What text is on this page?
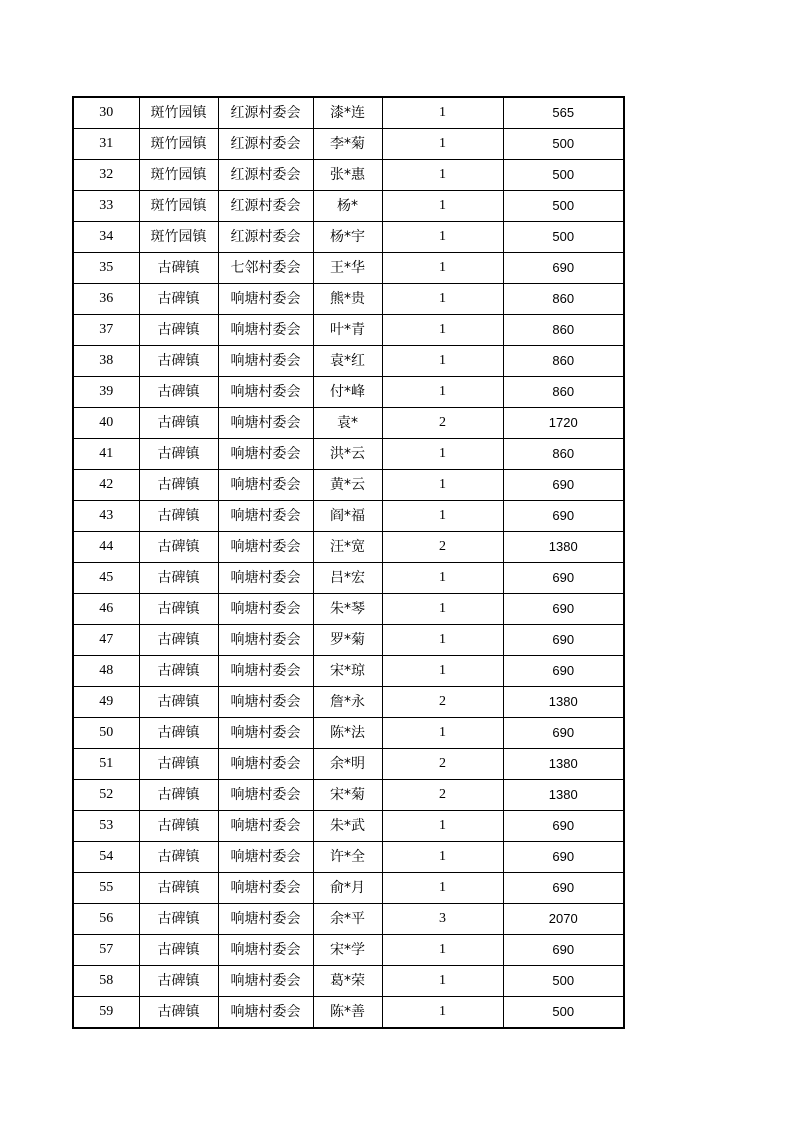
30	斑竹园镇	红源村委会	漆*连	1	565
31	斑竹园镇	红源村委会	李*菊	1	500
32	斑竹园镇	红源村委会	张*惠	1	500
33	斑竹园镇	红源村委会	杨*	1	500
34	斑竹园镇	红源村委会	杨*宇	1	500
35	古碑镇	七邻村委会	王*华	1	690
36	古碑镇	响塘村委会	熊*贵	1	860
37	古碑镇	响塘村委会	叶*青	1	860
38	古碑镇	响塘村委会	袁*红	1	860
39	古碑镇	响塘村委会	付*峰	1	860
40	古碑镇	响塘村委会	袁*	2	1720
41	古碑镇	响塘村委会	洪*云	1	860
42	古碑镇	响塘村委会	黄*云	1	690
43	古碑镇	响塘村委会	阎*福	1	690
44	古碑镇	响塘村委会	汪*宽	2	1380
45	古碑镇	响塘村委会	吕*宏	1	690
46	古碑镇	响塘村委会	朱*琴	1	690
47	古碑镇	响塘村委会	罗*菊	1	690
48	古碑镇	响塘村委会	宋*琼	1	690
49	古碑镇	响塘村委会	詹*永	2	1380
50	古碑镇	响塘村委会	陈*法	1	690
51	古碑镇	响塘村委会	余*明	2	1380
52	古碑镇	响塘村委会	宋*菊	2	1380
53	古碑镇	响塘村委会	朱*武	1	690
54	古碑镇	响塘村委会	许*全	1	690
55	古碑镇	响塘村委会	俞*月	1	690
56	古碑镇	响塘村委会	余*平	3	2070
57	古碑镇	响塘村委会	宋*学	1	690
58	古碑镇	响塘村委会	葛*荣	1	500
59	古碑镇	响塘村委会	陈*善	1	500
